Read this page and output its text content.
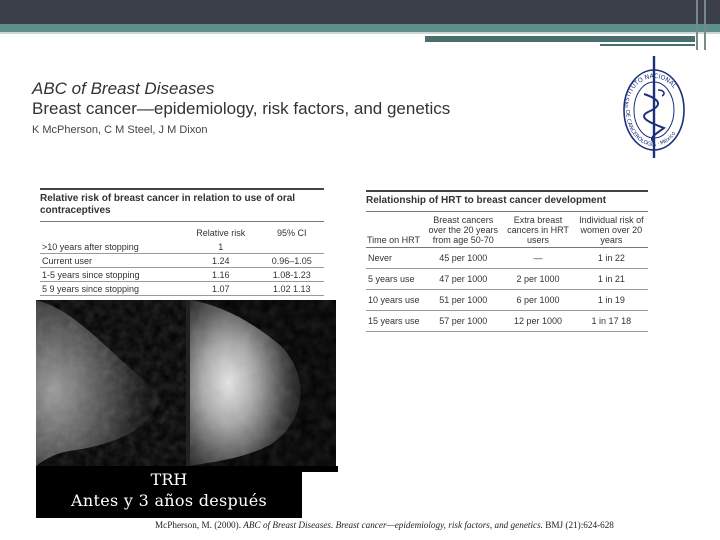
ABC of Breast Diseases
Breast cancer—epidemiology, risk factors, and genetics
K McPherson, C M Steel, J M Dixon
INSTITUTO NACIONAL
DE CANCEROLOGIA · México
Relative risk of breast cancer in relation to use of oral contraceptives
	Relative risk	95% CI
>10 years after stopping	1	
Current user	1.24	0.96–1.05
1-5 years since stopping	1.16	1.08-1.23
5 9 years since stopping	1.07	1.02 1.13
Relationship of HRT to breast cancer development
Time on HRT	Breast cancers over the 20 years from age 50-70	Extra breast cancers in HRT users	Individual risk of women over 20 years
Never	45 per 1000	—	1 in 22
5 years use	47 per 1000	2 per 1000	1 in 21
10 years use	51 per 1000	6 per 1000	1 in 19
15 years use	57 per 1000	12 per 1000	1 in 17 18
TRH
Antes y 3 años después
McPherson, M. (2000). ABC of Breast Diseases. Breast cancer—epidemiology, risk factors, and genetics. BMJ (21):624-628
